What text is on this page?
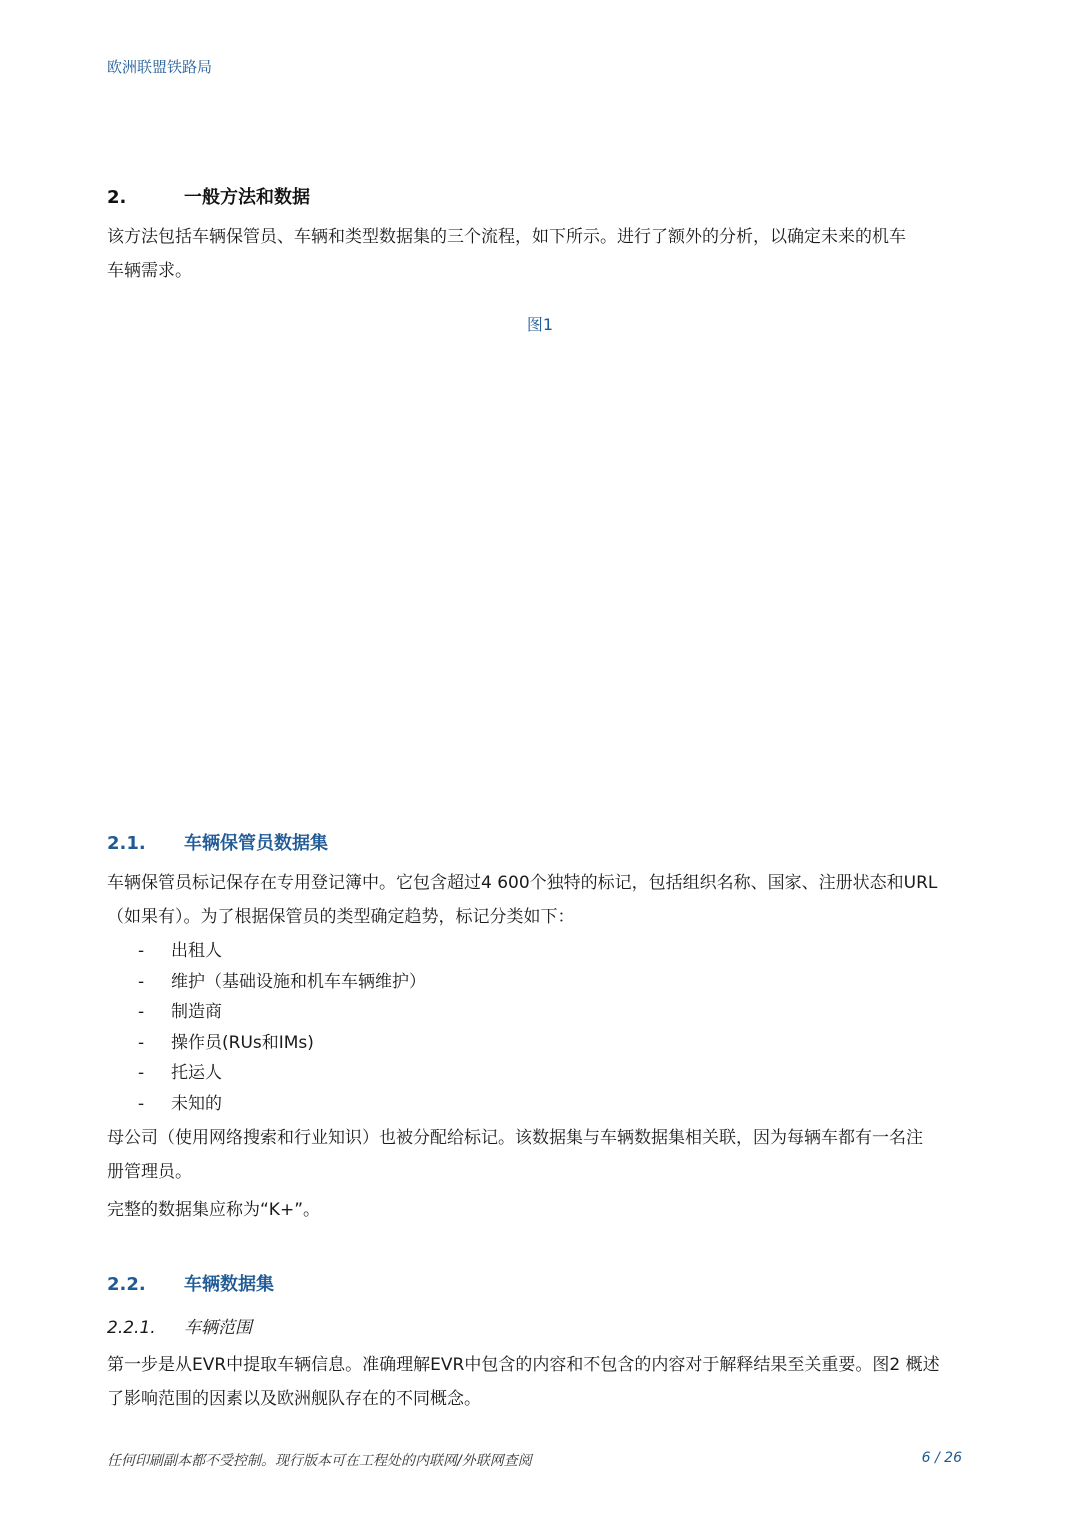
欧洲联盟铁路局
2.	一般方法和数据
该方法包括车辆保管员、车辆和类型数据集的三个流程，如下所示。进行了额外的分析，以确定未来的机车
车辆需求。
图1
2.1. 车辆保管员数据集
车辆保管员标记保存在专用登记簿中。它包含超过4 600个独特的标记，包括组织名称、国家、注册状态和URL
（如果有）。为了根据保管员的类型确定趋势，标记分类如下：
- 出租人
- 维护（基础设施和机车车辆维护）
- 制造商
- 操作员(RUs和IMs)
- 托运人
- 未知的
母公司（使用网络搜索和行业知识）也被分配给标记。该数据集与车辆数据集相关联，因为每辆车都有一名注
册管理员。
完整的数据集应称为“K+”。
2.2. 车辆数据集
2.2.1. 车辆范围
第一步是从EVR中提取车辆信息。准确理解EVR中包含的内容和不包含的内容对于解释结果至关重要。图2 概述
了影响范围的因素以及欧洲舰队存在的不同概念。
任何印刷副本都不受控制。现行版本可在工程处的内联网/外联网查阅	6 / 26
